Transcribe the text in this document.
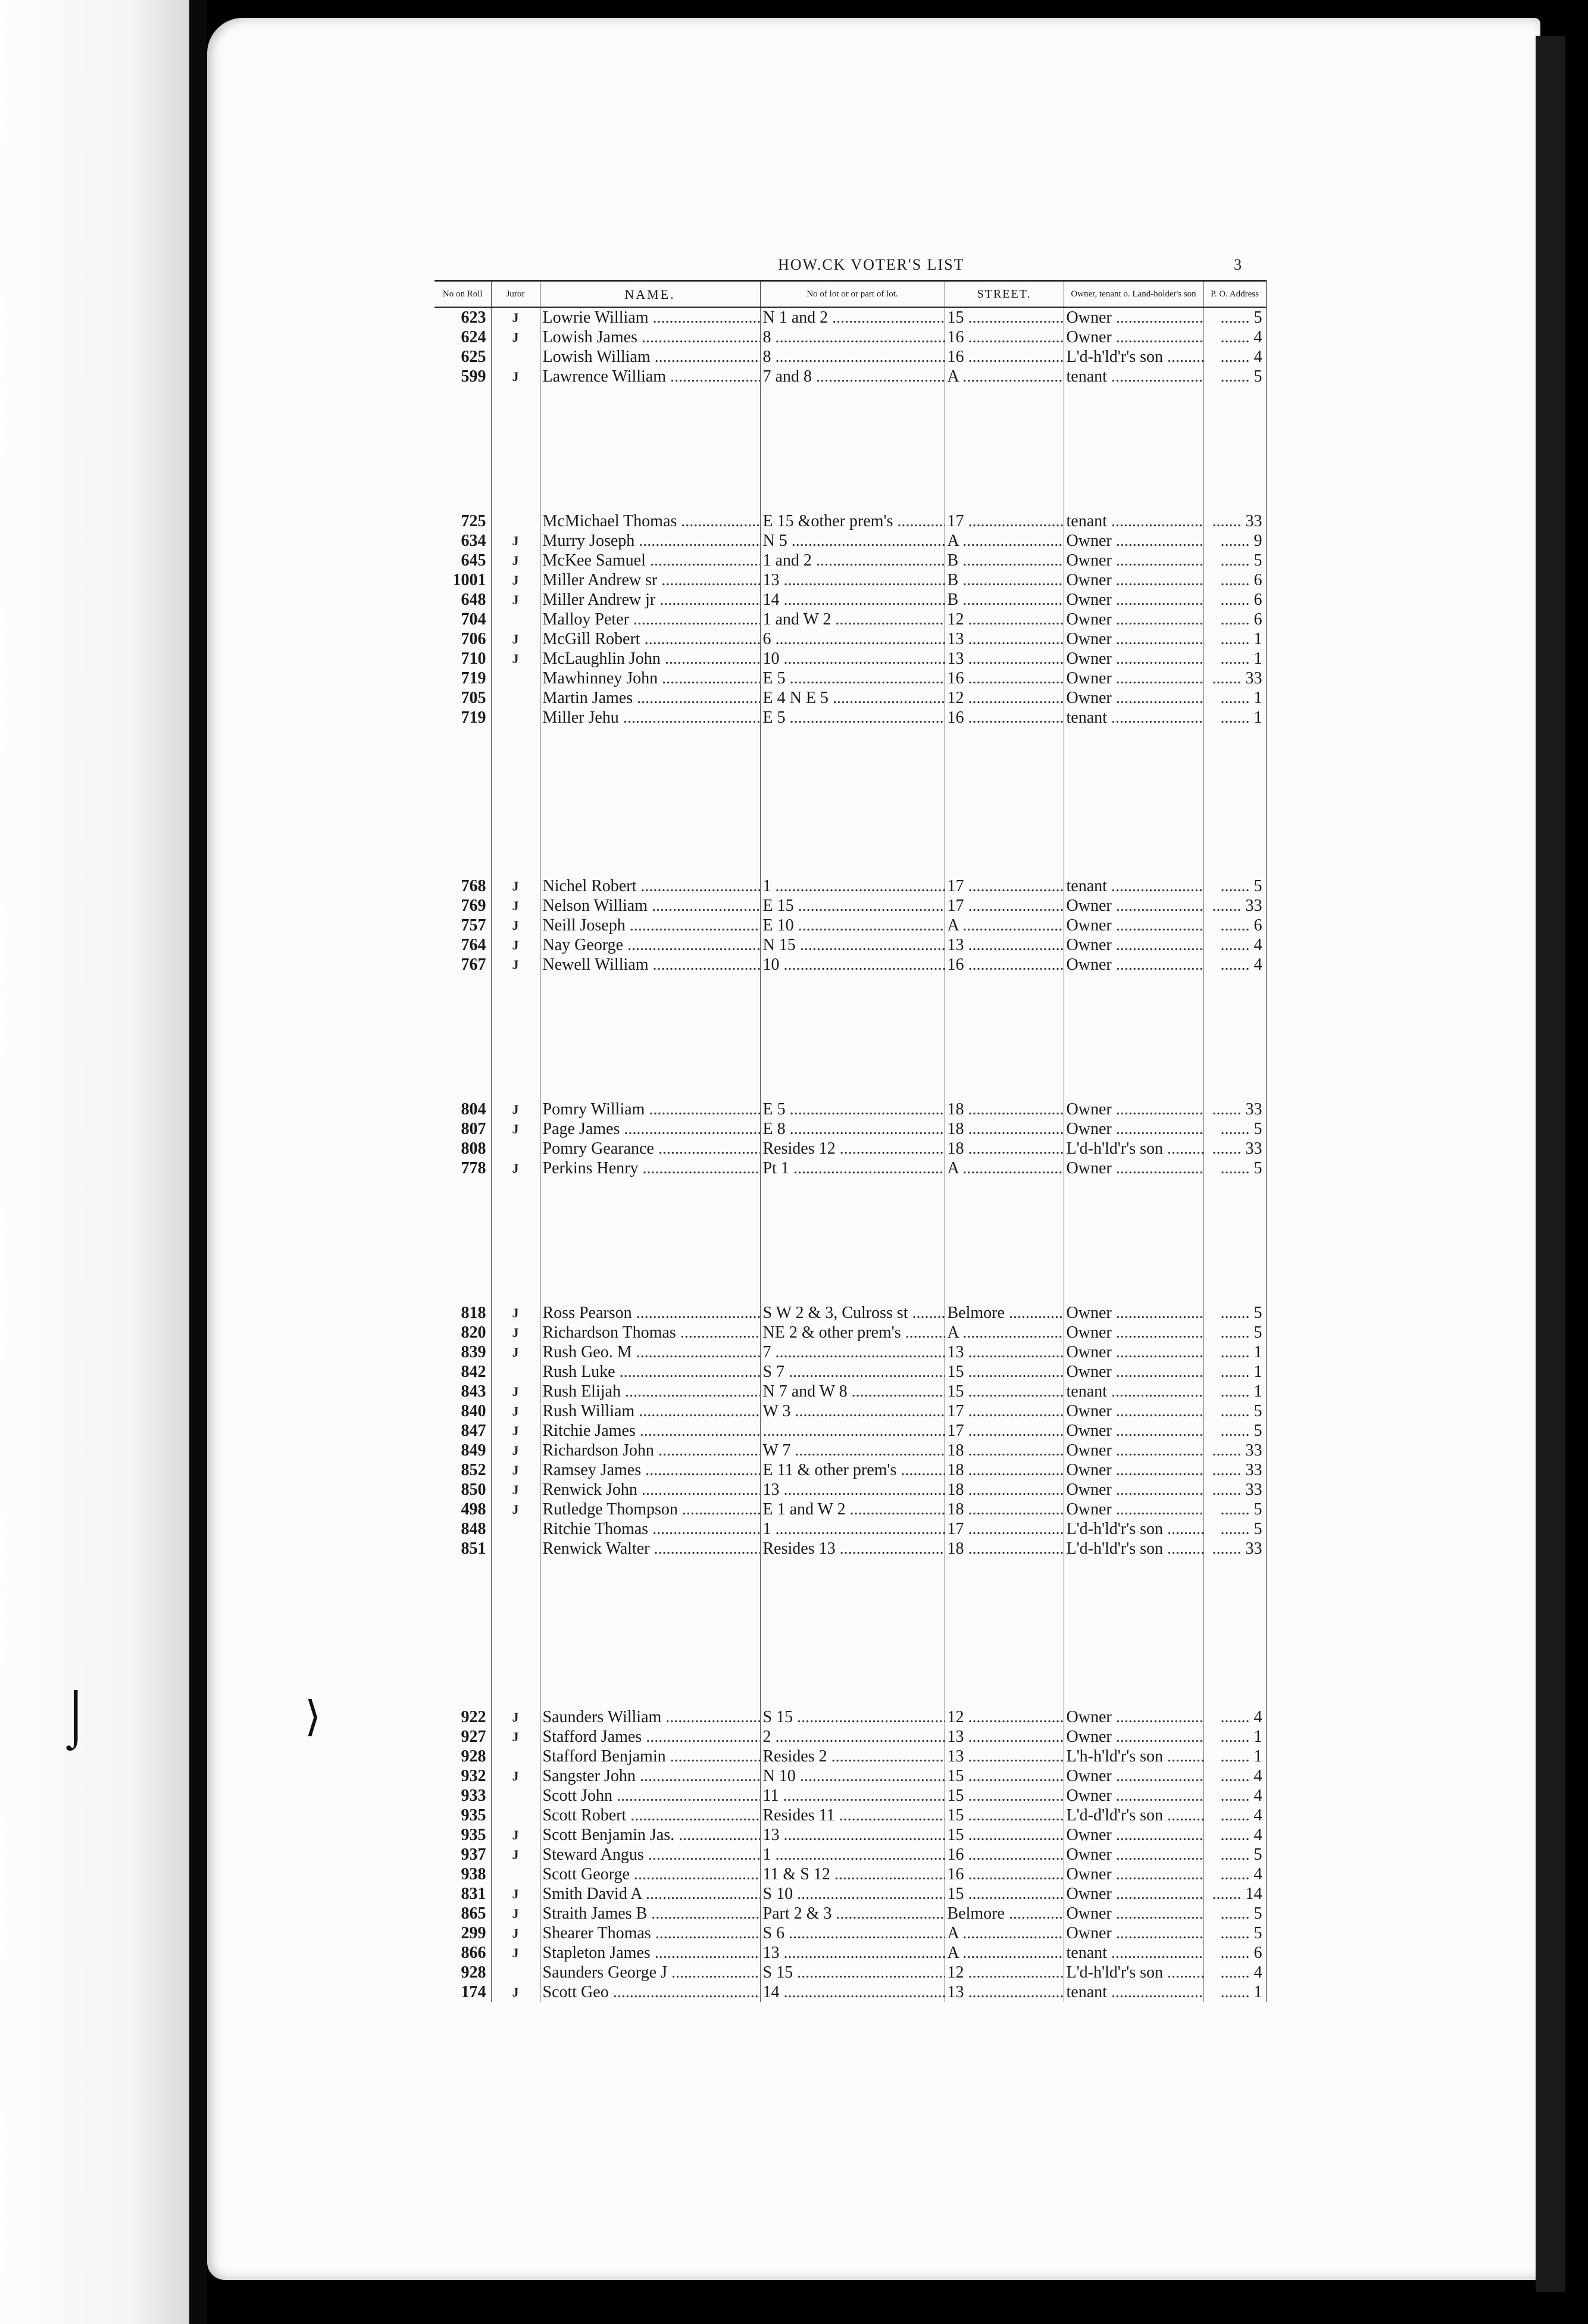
⌡	⟩
HOW.CK VOTER'S LIST	3
No on Roll	Juror	NAME.	No of lot or or part of lot.	STREET.	Owner, tenant o. Land-holder's son	P. O. Address
623	J	Lowrie William .....	N 1 and 2 .....	15 .....	Owner .....	....... 5
624	J	Lowish James .....	8 .....	16 .....	Owner .....	....... 4
625		Lowish William .....	8 .....	16 .....	L'd-h'ld'r's son .....	....... 4
599	J	Lawrence William .....	7 and 8 .....	A .....	tenant .....	....... 5

725		McMichael Thomas .....	E 15 &other prem's .....	17 .....	tenant .....	....... 33
634	J	Murry Joseph .....	N 5 .....	A .....	Owner .....	....... 9
645	J	McKee Samuel .....	1 and 2 .....	B .....	Owner .....	....... 5
1001	J	Miller Andrew sr .....	13 .....	B .....	Owner .....	....... 6
648	J	Miller Andrew jr .....	14 .....	B .....	Owner .....	....... 6
704		Malloy Peter .....	1 and W 2 .....	12 .....	Owner .....	....... 6
706	J	McGill Robert .....	6 .....	13 .....	Owner .....	....... 1
710	J	McLaughlin John .....	10 .....	13 .....	Owner .....	....... 1
719		Mawhinney John .....	E 5 .....	16 .....	Owner .....	....... 33
705		Martin James .....	E 4 N E 5 .....	12 .....	Owner .....	....... 1
719		Miller Jehu .....	E 5 .....	16 .....	tenant .....	....... 1

768	J	Nichel Robert .....	1 .....	17 .....	tenant .....	....... 5
769	J	Nelson William .....	E 15 .....	17 .....	Owner .....	....... 33
757	J	Neill Joseph .....	E 10 .....	A .....	Owner .....	....... 6
764	J	Nay George .....	N 15 .....	13 .....	Owner .....	....... 4
767	J	Newell William .....	10 .....	16 .....	Owner .....	....... 4

804	J	Pomry William .....	E 5 .....	18 .....	Owner .....	....... 33
807	J	Page James .....	E 8 .....	18 .....	Owner .....	....... 5
808		Pomry Gearance .....	Resides 12 .....	18 .....	L'd-h'ld'r's son .....	....... 33
778	J	Perkins Henry .....	Pt 1 .....	A .....	Owner .....	....... 5

818	J	Ross Pearson .....	S W 2 & 3, Culross st .....	Belmore .....	Owner .....	....... 5
820	J	Richardson Thomas .....	NE 2 & other prem's .....	A .....	Owner .....	....... 5
839	J	Rush Geo. M .....	7 .....	13 .....	Owner .....	....... 1
842		Rush Luke .....	S 7 .....	15 .....	Owner .....	....... 1
843	J	Rush Elijah .....	N 7 and W 8 .....	15 .....	tenant .....	....... 1
840	J	Rush William .....	W 3 .....	17 .....	Owner .....	....... 5
847	J	Ritchie James .....	.....	17 .....	Owner .....	....... 5
849	J	Richardson John .....	W 7 .....	18 .....	Owner .....	....... 33
852	J	Ramsey James .....	E 11 & other prem's .....	18 .....	Owner .....	....... 33
850	J	Renwick John .....	13 .....	18 .....	Owner .....	....... 33
498	J	Rutledge Thompson .....	E 1 and W 2 .....	18 .....	Owner .....	....... 5
848		Ritchie Thomas .....	1 .....	17 .....	L'd-h'ld'r's son .....	....... 5
851		Renwick Walter .....	Resides 13 .....	18 .....	L'd-h'ld'r's son .....	....... 33

922	J	Saunders William .....	S 15 .....	12 .....	Owner .....	....... 4
927	J	Stafford James .....	2 .....	13 .....	Owner .....	....... 1
928		Stafford Benjamin .....	Resides 2 .....	13 .....	L'h-h'ld'r's son .....	....... 1
932	J	Sangster John .....	N 10 .....	15 .....	Owner .....	....... 4
933		Scott John .....	11 .....	15 .....	Owner .....	....... 4
935		Scott Robert .....	Resides 11 .....	15 .....	L'd-d'ld'r's son .....	....... 4
935	J	Scott Benjamin Jas. .....	13 .....	15 .....	Owner .....	....... 4
937	J	Steward Angus .....	1 .....	16 .....	Owner .....	....... 5
938		Scott George .....	11 & S 12 .....	16 .....	Owner .....	....... 4
831	J	Smith David A .....	S 10 .....	15 .....	Owner .....	....... 14
865	J	Straith James B .....	Part 2 & 3 .....	Belmore .....	Owner .....	....... 5
299	J	Shearer Thomas .....	S 6 .....	A .....	Owner .....	....... 5
866	J	Stapleton James .....	13 .....	A .....	tenant .....	....... 6
928		Saunders George J .....	S 15 .....	12 .....	L'd-h'ld'r's son .....	....... 4
174	J	Scott Geo .....	14 .....	13 .....	tenant .....	....... 1
